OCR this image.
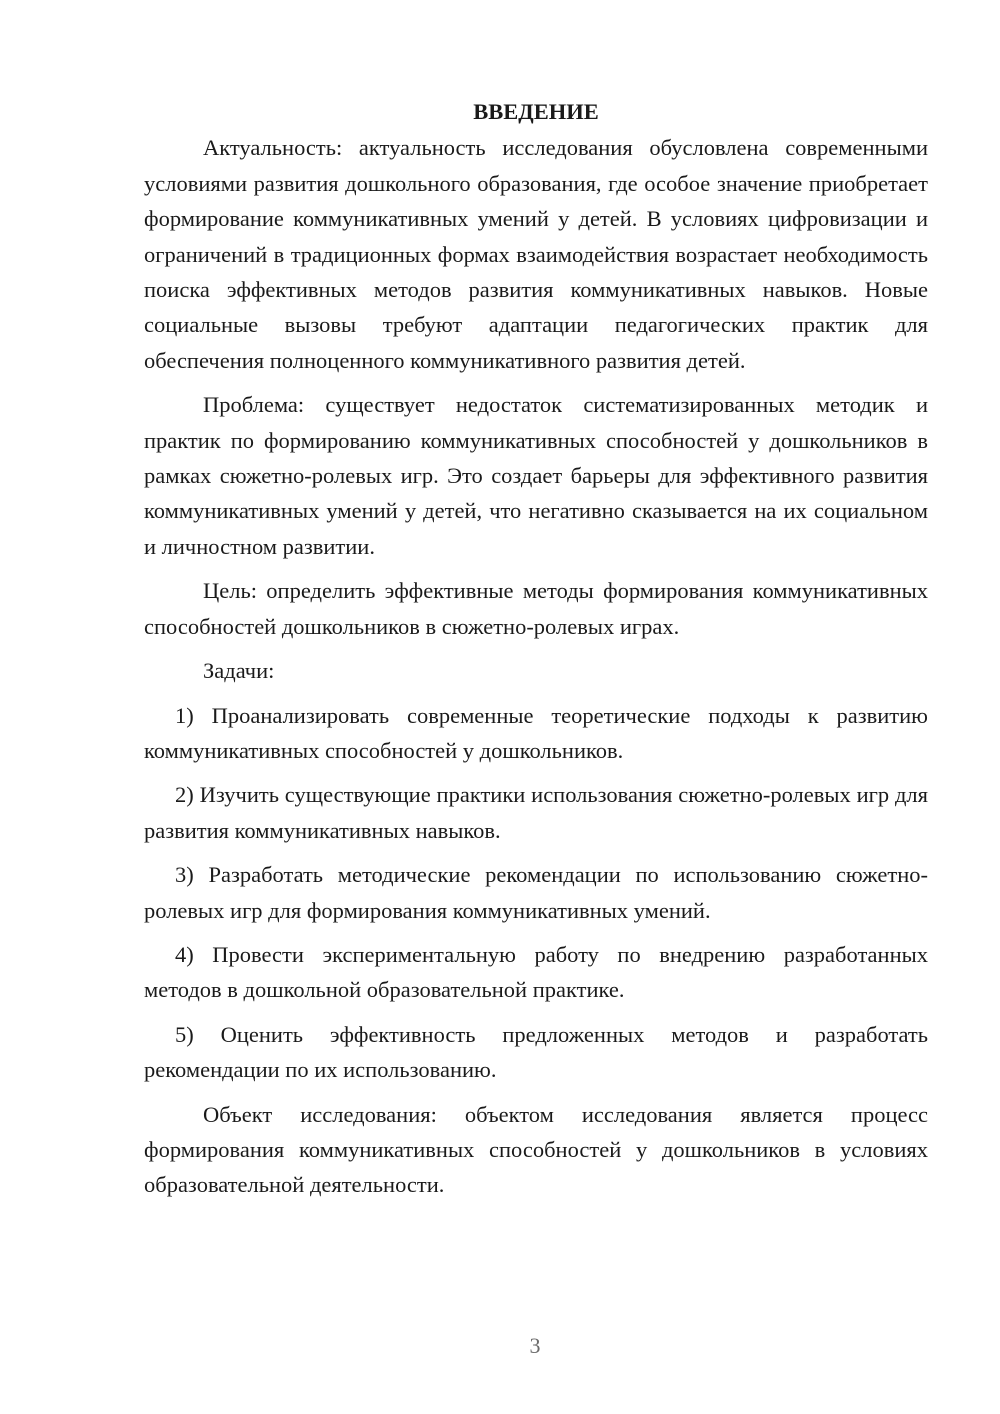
ВВЕДЕНИЕ

Актуальность: актуальность исследования обусловлена современными условиями развития дошкольного образования, где особое значение приобретает формирование коммуникативных умений у детей. В условиях цифровизации и ограничений в традиционных формах взаимодействия возрастает необходимость поиска эффективных методов развития коммуникативных навыков. Новые социальные вызовы требуют адаптации педагогических практик для обеспечения полноценного коммуникативного развития детей.

Проблема: существует недостаток систематизированных методик и практик по формированию коммуникативных способностей у дошкольников в рамках сюжетно-ролевых игр. Это создает барьеры для эффективного развития коммуникативных умений у детей, что негативно сказывается на их социальном и личностном развитии.

Цель: определить эффективные методы формирования коммуникативных способностей дошкольников в сюжетно-ролевых играх.

Задачи:

1) Проанализировать современные теоретические подходы к развитию коммуникативных способностей у дошкольников.

2) Изучить существующие практики использования сюжетно-ролевых игр для развития коммуникативных навыков.

3) Разработать методические рекомендации по использованию сюжетно-ролевых игр для формирования коммуникативных умений.

4) Провести экспериментальную работу по внедрению разработанных методов в дошкольной образовательной практике.

5) Оценить эффективность предложенных методов и разработать рекомендации по их использованию.

Объект исследования: объектом исследования является процесс формирования коммуникативных способностей у дошкольников в условиях образовательной деятельности.

3
